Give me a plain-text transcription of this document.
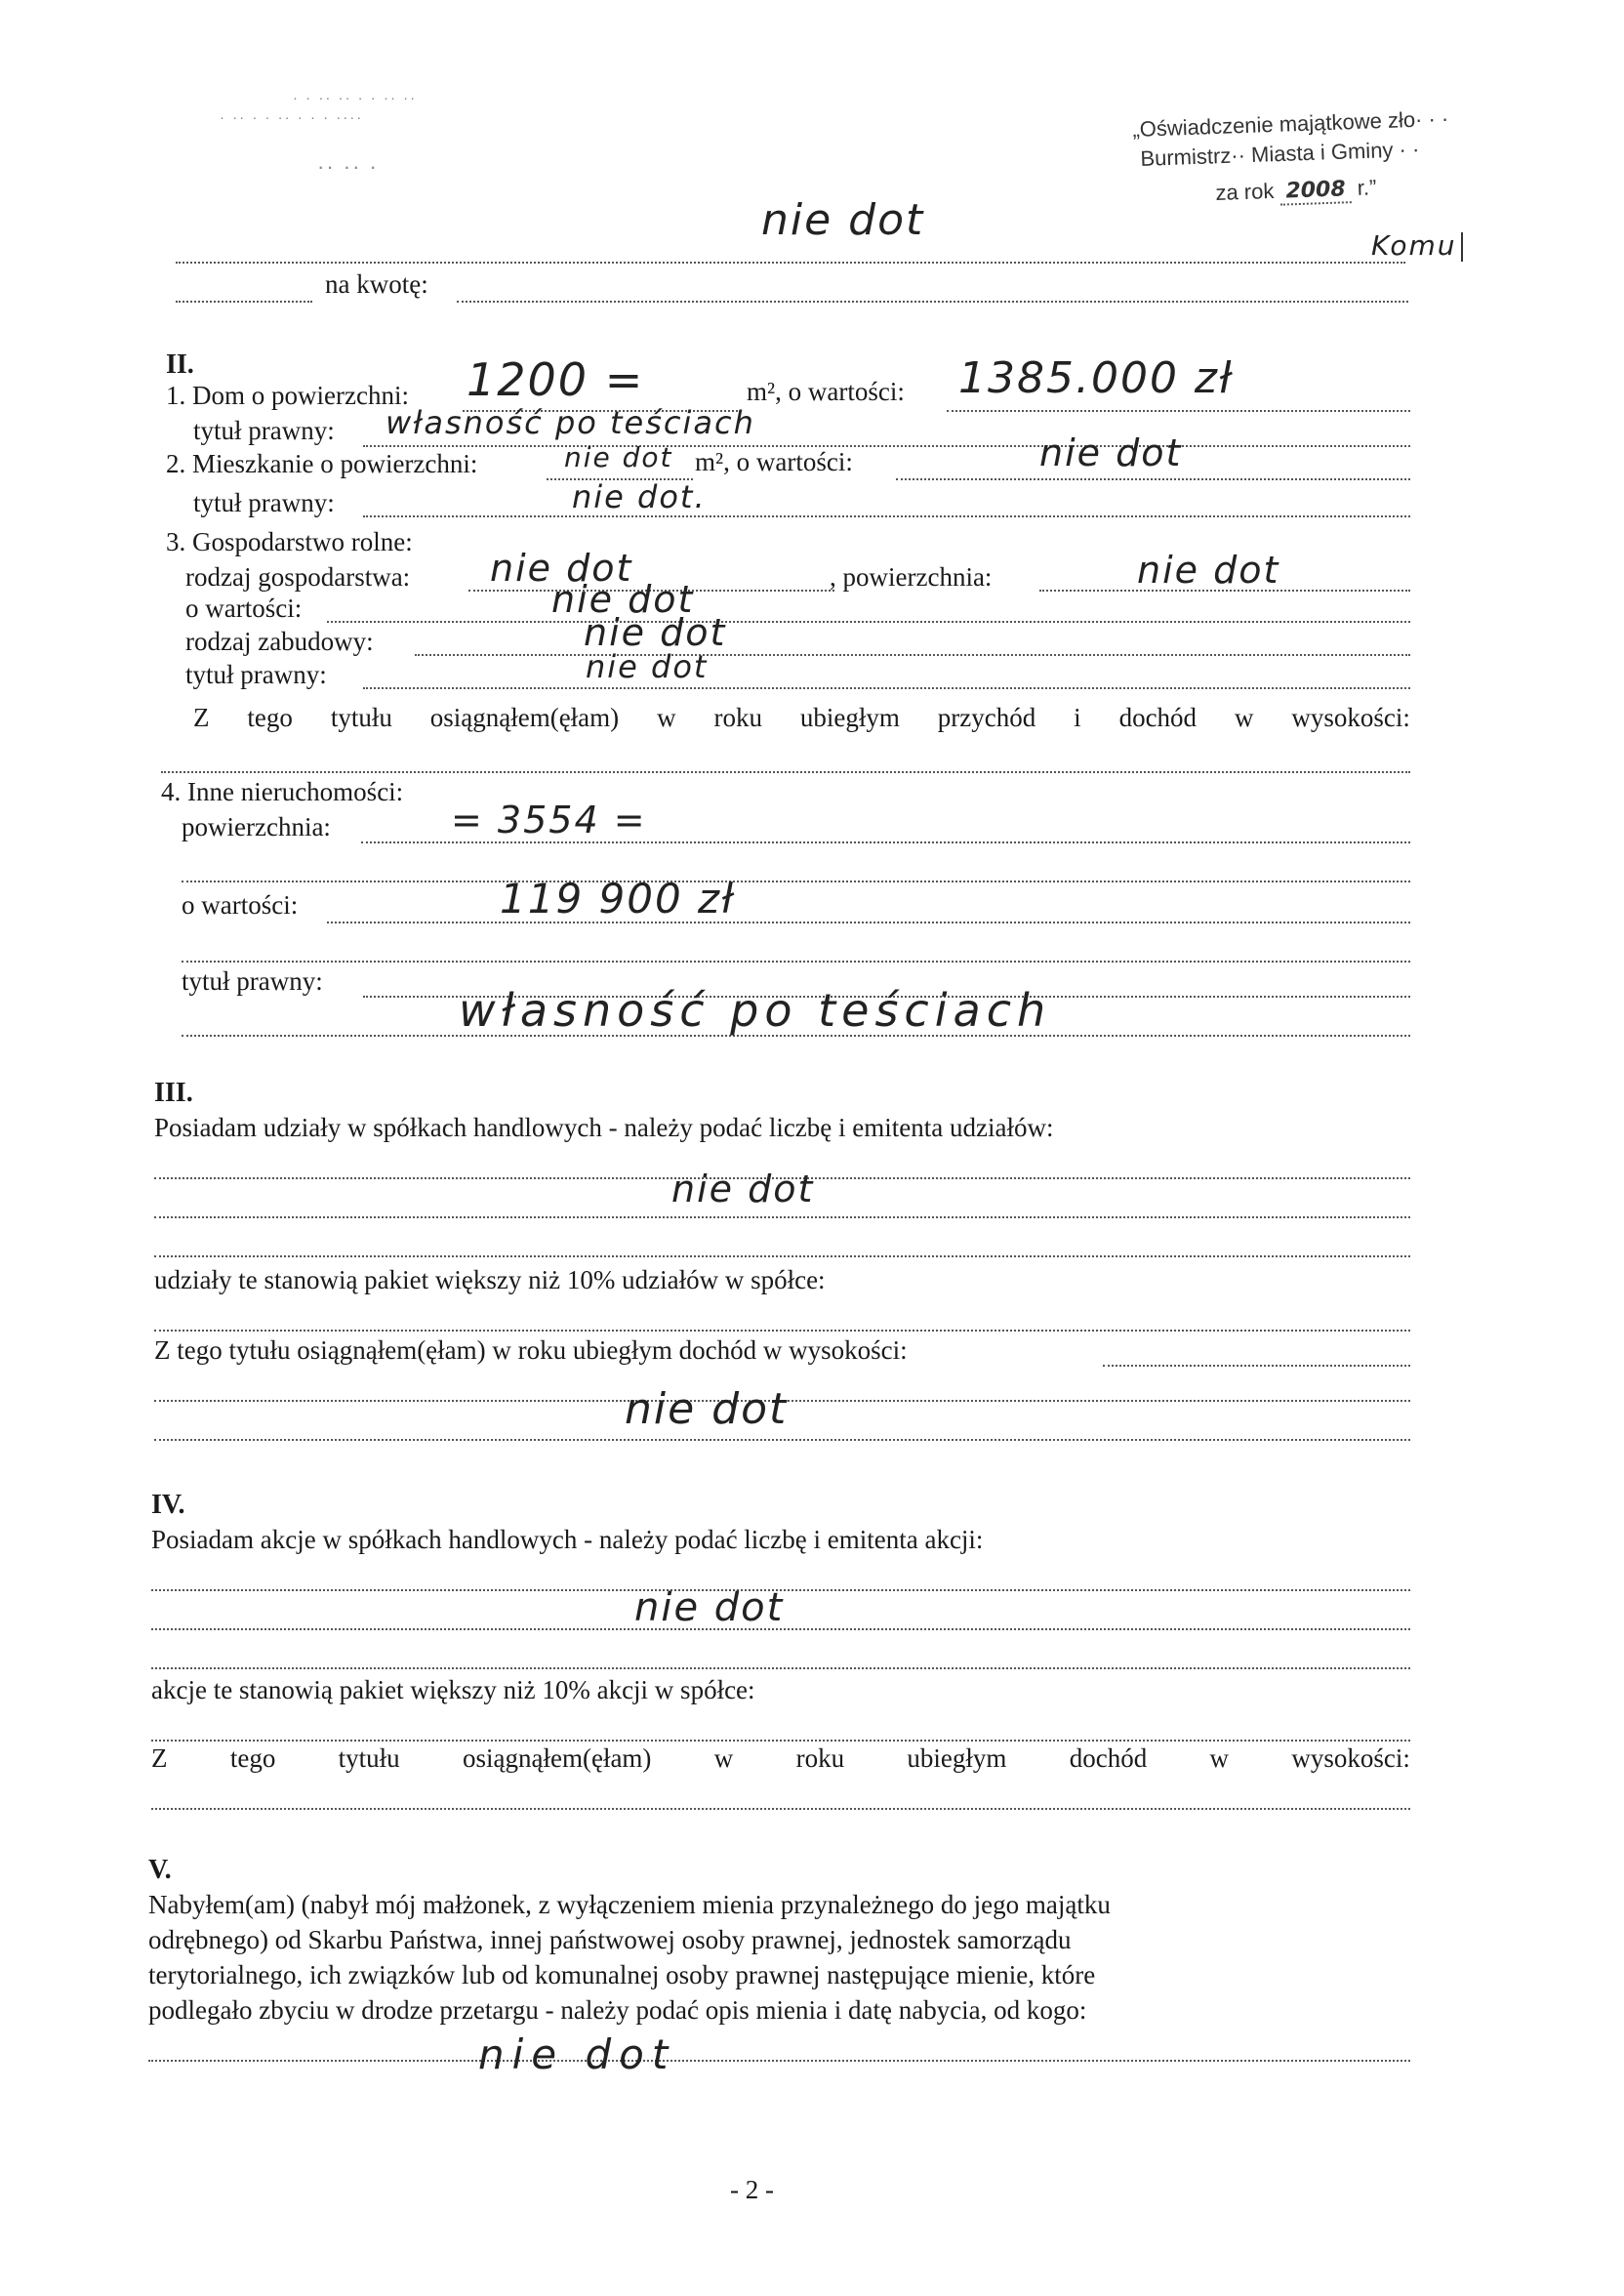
· · ·· ·· · · ·· ··
· ·· · · ·· · · · ····
·· ·· ·
„Oświadczenie majątkowe zło· · ·
Burmistrz·· Miasta i Gminy · ·
za rok 2008 r.”
nie dot
Komu
na kwotę:
II.
1. Dom o powierzchni: 1200 =	m², o wartości: 1385.000 zł
tytuł prawny: własność po teściach
2. Mieszkanie o powierzchni:	nie dot m², o wartości:	nie dot
tytuł prawny:	nie dot.
3. Gospodarstwo rolne:
rodzaj gospodarstwa: nie dot	, powierzchnia:	nie dot
o wartości:	nie dot
rodzaj zabudowy:	nie dot
tytuł prawny:	nie dot
Z tego tytułu osiągnąłem(ęłam) w roku ubiegłym przychód i dochód w wysokości:
4. Inne nieruchomości:
powierzchnia:	= 3554 =
o wartości:	119 900 zł
tytuł prawny:
własność po teściach
III.
Posiadam udziały w spółkach handlowych - należy podać liczbę i emitenta udziałów:
nie dot
udziały te stanowią pakiet większy niż 10% udziałów w spółce:
Z tego tytułu osiągnąłem(ęłam) w roku ubiegłym dochód w wysokości:
nie dot
IV.
Posiadam akcje w spółkach handlowych - należy podać liczbę i emitenta akcji:
nie dot
akcje te stanowią pakiet większy niż 10% akcji w spółce:
Z tego tytułu osiągnąłem(ęłam) w roku ubiegłym dochód w wysokości:
V.
Nabyłem(am) (nabył mój małżonek, z wyłączeniem mienia przynależnego do jego majątku
odrębnego) od Skarbu Państwa, innej państwowej osoby prawnej, jednostek samorządu
terytorialnego, ich związków lub od komunalnej osoby prawnej następujące mienie, które
podlegało zbyciu w drodze przetargu - należy podać opis mienia i datę nabycia, od kogo:
nie dot
- 2 -
